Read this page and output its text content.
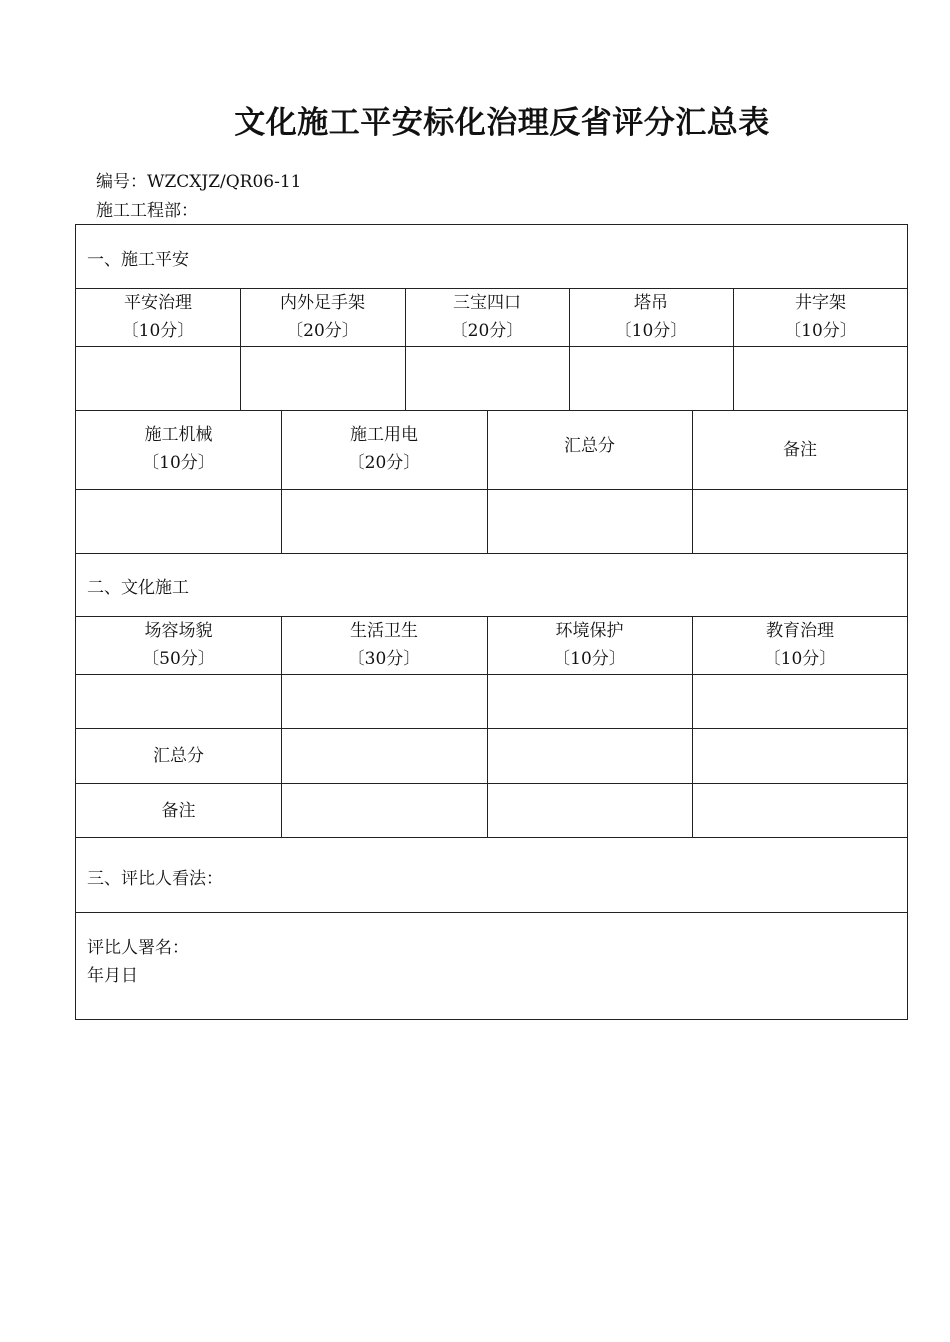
文化施工平安标化治理反省评分汇总表
编号：WZCXJZ/QR06-11
施工工程部：
一、施工平安
平安治理
〔10分〕
内外足手架
〔20分〕
三宝四口
〔20分〕
塔吊
〔10分〕
井字架
〔10分〕
施工机械
〔10分〕
施工用电
〔20分〕
汇总分	备注
二、文化施工
场容场貌
〔50分〕
生活卫生
〔30分〕
环境保护
〔10分〕
教育治理
〔10分〕
汇总分
备注
三、评比人看法：
评比人署名：
年月日
